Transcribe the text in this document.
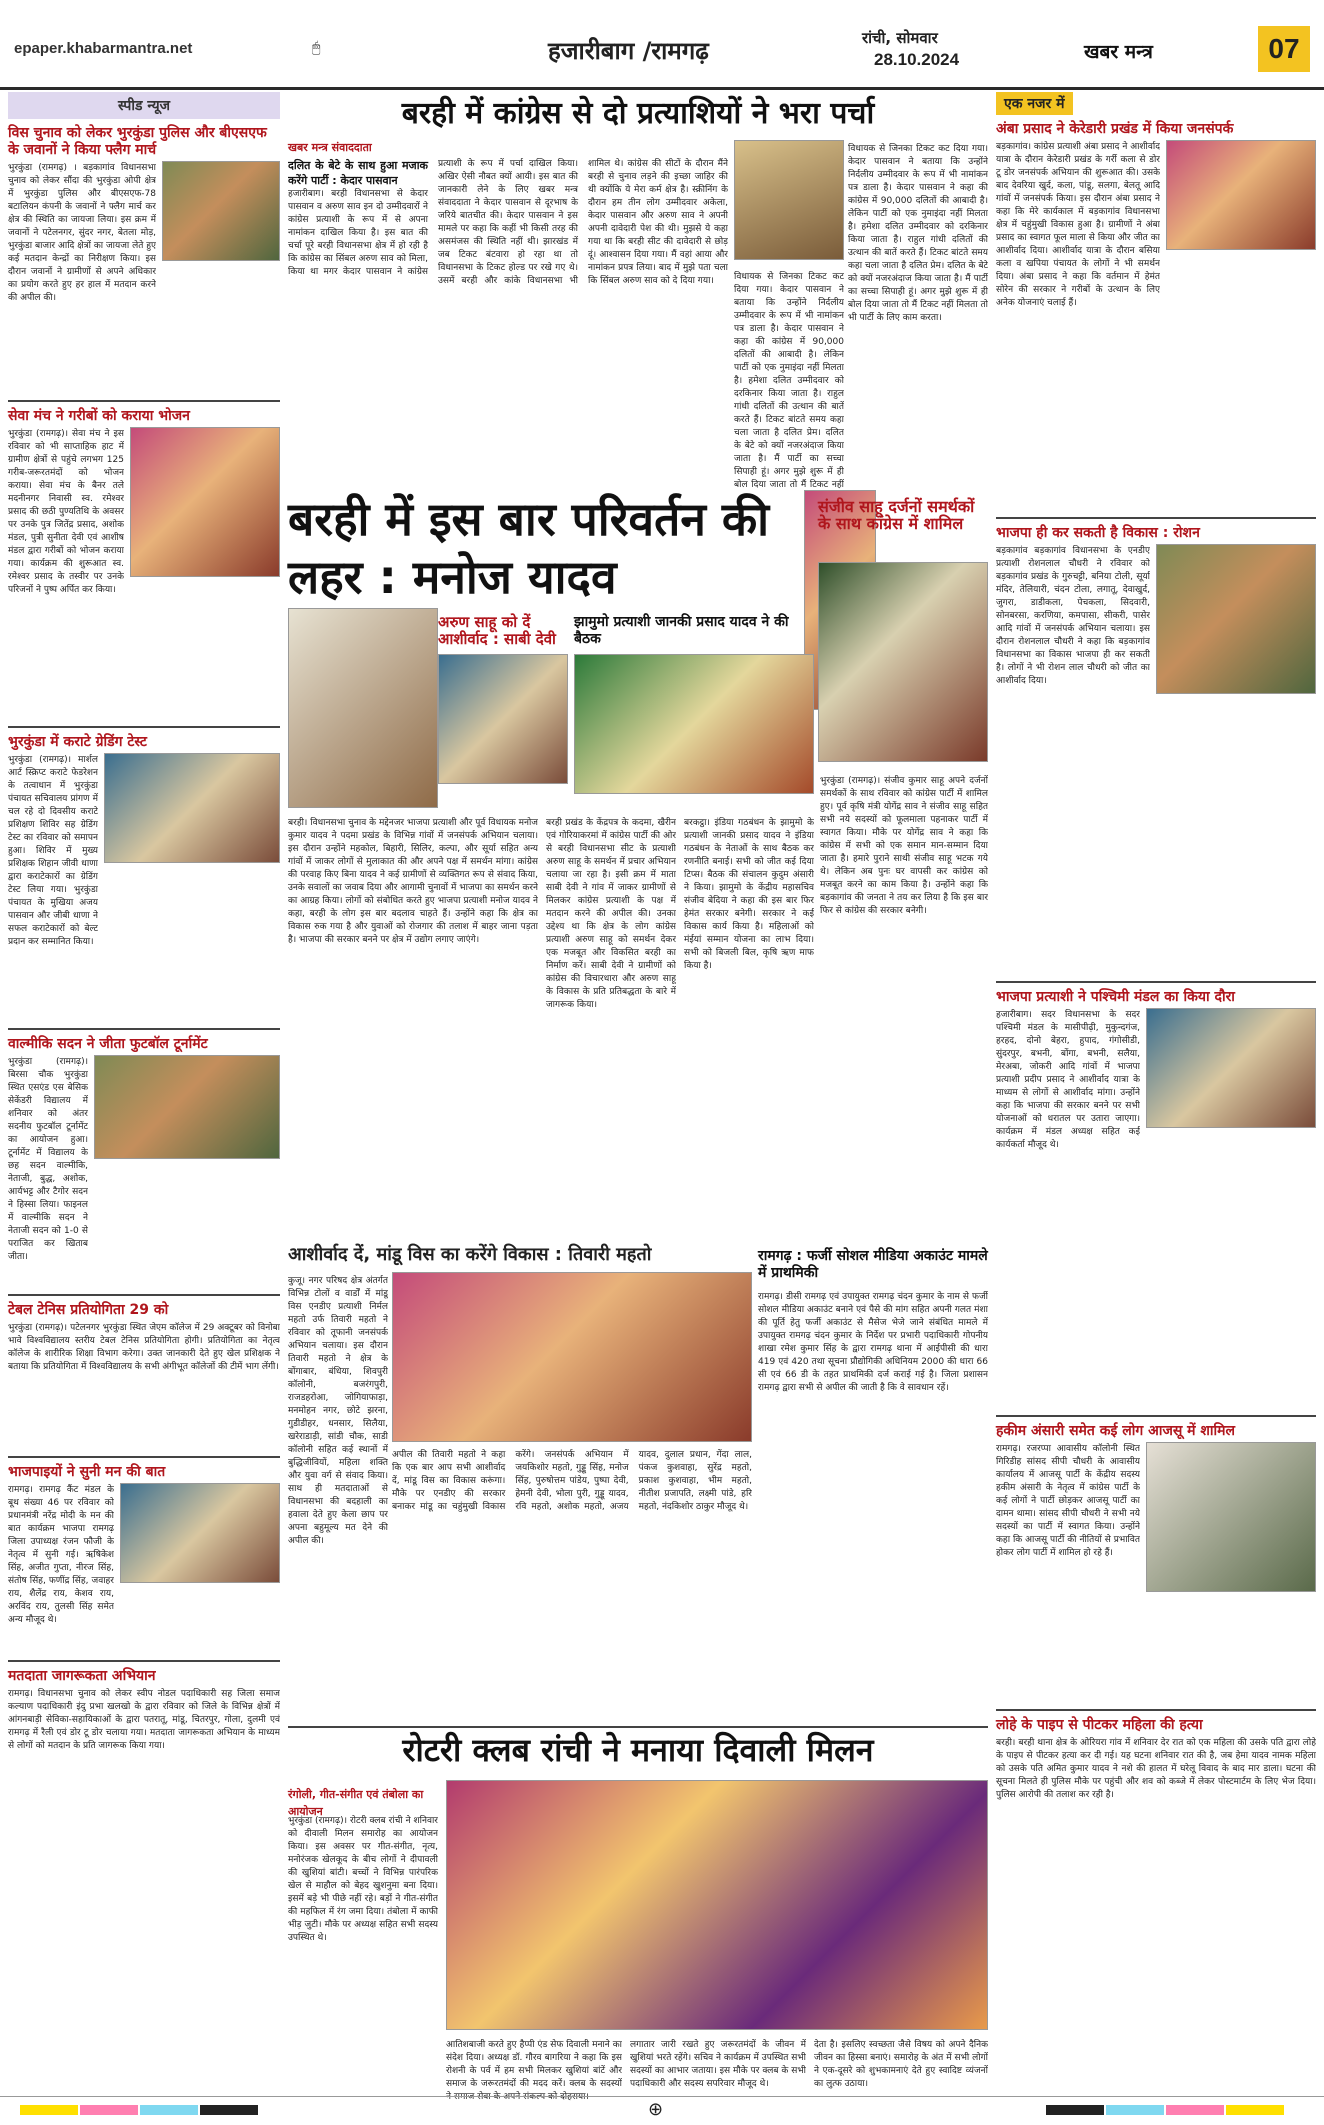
epaper.khabarmantra.net	🖱	हजारीबाग /रामगढ़	रांची, सोमवार
28.10.2024	खबर मन्त्र	07
स्पीड न्यूज
विस चुनाव को लेकर भुरकुंडा पुलिस और बीएसएफ के जवानों ने किया फ्लैग मार्च
भुरकुंडा (रामगढ़) । बड़कागांव विधानसभा चुनाव को लेकर सौंदा की भुरकुंडा ओपी क्षेत्र में भुरकुंडा पुलिस और बीएसएफ-78 बटालियन कंपनी के जवानों ने फ्लैग मार्च कर क्षेत्र की स्थिति का जायजा लिया। इस क्रम में जवानों ने पटेलनगर, सुंदर नगर, बेतला मोड़, भुरकुंडा बाजार आदि क्षेत्रों का जायजा लेते हुए कई मतदान केन्द्रों का निरीक्षण किया। इस दौरान जवानों ने ग्रामीणों से अपने अधिकार का प्रयोग करते हुए हर हाल में मतदान करने की अपील की।
सेवा मंच ने गरीबों को कराया भोजन
भुरकुंडा (रामगढ़)। सेवा मंच ने इस रविवार को भी साप्ताहिक हाट में ग्रामीण क्षेत्रों से पहुंचे लगभग 125 गरीब-जरूरतमंदों को भोजन कराया। सेवा मंच के बैनर तले मदनीनगर निवासी स्व. रमेश्वर प्रसाद की छठी पुण्यतिथि के अवसर पर उनके पुत्र जितेंद्र प्रसाद, अशोक मंडल, पुत्री सुनीता देवी एवं आशीष मंडल द्वारा गरीबों को भोजन कराया गया। कार्यक्रम की शुरूआत स्व. रमेश्वर प्रसाद के तस्वीर पर उनके परिजनों ने पुष्प अर्पित कर किया।
भुरकुंडा में कराटे ग्रेडिंग टेस्ट
भुरकुंडा (रामगढ़)। मार्शल आर्ट स्क्रिप्ट कराटे फेडरेशन के तत्वाधान में भुरकुंडा पंचायत सचिवालय प्रांगण में चल रहे दो दिवसीय कराटे प्रशिक्षण शिविर सह ग्रेडिंग टेस्ट का रविवार को समापन हुआ। शिविर में मुख्य प्रशिक्षक शिहान जीवी धाणा द्वारा कराटेकारों का ग्रेडिंग टेस्ट लिया गया। भुरकुंडा पंचायत के मुखिया अजय पासवान और जीबी धाणा ने सफल कराटेकारों को बेल्ट प्रदान कर सम्मानित किया।
वाल्मीकि सदन ने जीता फुटबॉल टूर्नामेंट
भुरकुंडा (रामगढ़)। बिरसा चौक भुरकुंडा स्थित एसएंड एस बेसिक सेकेंडरी विद्यालय में शनिवार को अंतर सदनीय फुटबॉल टूर्नामेंट का आयोजन हुआ। टूर्नामेंट में विद्यालय के छह सदन वाल्मीकि, नेताजी, बुद्ध, अशोक, आर्यभट्ट और टैगोर सदन ने हिस्सा लिया। फाइनल में वाल्मीकि सदन ने नेताजी सदन को 1-0 से पराजित कर खिताब जीता।
टेबल टेनिस प्रतियोगिता 29 को
भुरकुंडा (रामगढ़)। पटेलनगर भुरकुंडा स्थित जेएम कॉलेज में 29 अक्टूबर को विनोबा भावे विश्वविद्यालय स्तरीय टेबल टेनिस प्रतियोगिता होगी। प्रतियोगिता का नेतृत्व कॉलेज के शारीरिक शिक्षा विभाग करेगा। उक्त जानकारी देते हुए खेल प्रशिक्षक ने बताया कि प्रतियोगिता में विश्वविद्यालय के सभी अंगीभूत कॉलेजों की टीमें भाग लेंगी।
भाजपाइयों ने सुनी मन की बात
रामगढ़। रामगढ़ कैंट मंडल के बूथ संख्या 46 पर रविवार को प्रधानमंत्री नरेंद्र मोदी के मन की बात कार्यक्रम भाजपा रामगढ़ जिला उपाध्यक्ष रंजन फौजी के नेतृत्व में सुनी गई। ऋषिकेश सिंह, अजीत गुप्ता, नीरज सिंह, संतोष सिंह, फणींद्र सिंह, जवाहर राय, शैलेंद्र राय, केशव राय, अरविंद राय, तुलसी सिंह समेत अन्य मौजूद थे।
मतदाता जागरूकता अभियान
रामगढ़। विधानसभा चुनाव को लेकर स्वीप नोडल पदाधिकारी सह जिला समाज कल्याण पदाधिकारी इंदु प्रभा खलखो के द्वारा रविवार को जिले के विभिन्न क्षेत्रों में आंगनबाड़ी सेविका-सहायिकाओं के द्वारा पतरातू, मांडू, चितरपुर, गोला, दुलमी एवं रामगढ़ में रैली एवं डोर टू डोर चलाया गया। मतदाता जागरूकता अभियान के माध्यम से लोगों को मतदान के प्रति जागरूक किया गया।
बरही में कांग्रेस से दो प्रत्याशियों ने भरा पर्चा
खबर मन्त्र संवाददाता
दलित के बेटे के साथ हुआ मजाक करेंगे पार्टी : केदार पासवान
हजारीबाग। बरही विधानसभा से केदार पासवान व अरुण साव इन दो उम्मीदवारों ने कांग्रेस प्रत्याशी के रूप में से अपना नामांकन दाखिल किया है। इस बात की चर्चा पूरे बरही विधानसभा क्षेत्र में हो रही है कि कांग्रेस का सिंबल अरुण साव को मिला, किया था मगर केदार पासवान ने कांग्रेस प्रत्याशी के रूप में पर्चा दाखिल किया। अखिर ऐसी नौबत क्यों आयी। इस बात की जानकारी लेने के लिए खबर मन्त्र संवाददाता ने केदार पासवान से दूरभाष के जरिये बातचीत की। केदार पासवान ने इस मामले पर कहा कि कहीं भी किसी तरह की असमंजस की स्थिति नहीं थी। झारखंड में जब टिकट बंटवारा हो रहा था तो विधानसभा के टिकट होल्ड पर रखे गए थे। उसमें बरही और कांके विधानसभा भी शामिल थे। कांग्रेस की सीटों के दौरान मैंने बरही से चुनाव लड़ने की इच्छा जाहिर की थी क्योंकि ये मेरा कर्म क्षेत्र है। स्क्रीनिंग के दौरान हम तीन लोग उम्मीदवार अकेला, केदार पासवान और अरुण साव ने अपनी अपनी दावेदारी पेश की थी। मुझसे ये कहा गया था कि बरही सीट की दावेदारी से छोड़ दूं। आश्वासन दिया गया। मैं वहां आया और नामांकन प्रपत्र लिया। बाद में मुझे पता चला कि सिंबल अरुण साव को दे दिया गया।
विधायक से जिनका टिकट कट दिया गया। केदार पासवान ने बताया कि उन्होंने निर्दलीय उम्मीदवार के रूप में भी नामांकन पत्र डाला है। केदार पासवान ने कहा की कांग्रेस में 90,000 दलितों की आबादी है। लेकिन पार्टी को एक नुमाइंदा नहीं मिलता है। हमेशा दलित उम्मीदवार को दरकिनार किया जाता है। राहुल गांधी दलितों की उत्थान की बातें करते हैं। टिकट बांटते समय कहा चला जाता है दलित प्रेम। दलित के बेटे को क्यों नजरअंदाज किया जाता है। मैं पार्टी का सच्चा सिपाही हूं। अगर मुझे शुरू में ही बोल दिया जाता तो मैं टिकट नहीं मिलता तो भी पार्टी के लिए काम करता।
विधायक से जिनका टिकट कट दिया गया। केदार पासवान ने बताया कि उन्होंने निर्दलीय उम्मीदवार के रूप में भी नामांकन पत्र डाला है। केदार पासवान ने कहा की कांग्रेस में 90,000 दलितों की आबादी है। लेकिन पार्टी को एक नुमाइंदा नहीं मिलता है। हमेशा दलित उम्मीदवार को दरकिनार किया जाता है। राहुल गांधी दलितों की उत्थान की बातें करते हैं। टिकट बांटते समय कहा चला जाता है दलित प्रेम। दलित के बेटे को क्यों नजरअंदाज किया जाता है। मैं पार्टी का सच्चा सिपाही हूं। अगर मुझे शुरू में ही बोल दिया जाता तो मैं टिकट नहीं
बरही में इस बार परिवर्तन की लहर : मनोज यादव
संजीव साहू दर्जनों समर्थकों के साथ कांग्रेस में शामिल
अरुण साहू को दें आशीर्वाद : साबी देवी
झामुमो प्रत्याशी जानकी प्रसाद यादव ने की बैठक
बरही। विधानसभा चुनाव के मद्देनजर भाजपा प्रत्याशी और पूर्व विधायक मनोज कुमार यादव ने पदमा प्रखंड के विभिन्न गांवों में जनसंपर्क अभियान चलाया। इस दौरान उन्होंने महकोल, बिहारी, सिलिर, कल्पा, और सूर्या सहित अन्य गांवों में जाकर लोगों से मुलाकात की और अपने पक्ष में समर्थन मांगा। कांग्रेस की परवाह किए बिना यादव ने कई ग्रामीणों से व्यक्तिगत रूप से संवाद किया, उनके सवालों का जवाब दिया और आगामी चुनावों में भाजपा का समर्थन करने का आग्रह किया। लोगों को संबोधित करते हुए भाजपा प्रत्याशी मनोज यादव ने कहा, बरही के लोग इस बार बदलाव चाहते हैं। उन्होंने कहा कि क्षेत्र का विकास रुक गया है और युवाओं को रोजगार की तलाश में बाहर जाना पड़ता है। भाजपा की सरकार बनने पर क्षेत्र में उद्योग लगाए जाएंगे।
बरही प्रखंड के केंद्रपत्र के कदमा, खैरीन एवं गोरियाकरमां में कांग्रेस पार्टी की ओर से बरही विधानसभा सीट के प्रत्याशी अरुण साहू के समर्थन में प्रचार अभियान चलाया जा रहा है। इसी क्रम में माता साबी देवी ने गांव में जाकर ग्रामीणों से मिलकर कांग्रेस प्रत्याशी के पक्ष में मतदान करने की अपील की। उनका उद्देश्य था कि क्षेत्र के लोग कांग्रेस प्रत्याशी अरुण साहू को समर्थन देकर एक मजबूत और विकसित बरही का निर्माण करें। साबी देवी ने ग्रामीणों को कांग्रेस की विचारधारा और अरुण साहू के विकास के प्रति प्रतिबद्धता के बारे में जागरूक किया।
बरकट्ठा। इंडिया गठबंधन के झामुमो के प्रत्याशी जानकी प्रसाद यादव ने इंडिया गठबंधन के नेताओं के साथ बैठक कर रणनीति बनाई। सभी को जीत कई दिया टिप्स। बैठक की संचालन कुदुम अंसारी ने किया। झामुमो के केंद्रीय महासचिव संजीव बेदिया ने कहा की इस बार फिर हेमंत सरकार बनेगी। सरकार ने कई विकास कार्य किया है। महिलाओं को मंईयां सम्मान योजना का लाभ दिया। सभी को बिजली बिल, कृषि ऋण माफ किया है।
भुरकुंडा (रामगढ़)। संजीव कुमार साहू अपने दर्जनों समर्थकों के साथ रविवार को कांग्रेस पार्टी में शामिल हुए। पूर्व कृषि मंत्री योगेंद्र साव ने संजीव साहू सहित सभी नये सदस्यों को फूलमाला पहनाकर पार्टी में स्वागत किया। मौके पर योगेंद्र साव ने कहा कि कांग्रेस में सभी को एक समान मान-सम्मान दिया जाता है। हमारे पुराने साथी संजीव साहू भटक गये थे। लेकिन अब पुनः घर वापसी कर कांग्रेस को मजबूत करने का काम किया है। उन्होंने कहा कि बड़कागांव की जनता ने तय कर लिया है कि इस बार फिर से कांग्रेस की सरकार बनेगी।
आशीर्वाद दें, मांडू विस का करेंगे विकास : तिवारी महतो
कुजू। नगर परिषद क्षेत्र अंतर्गत विभिन्न टोलों व वार्डों में मांडू विस एनडीए प्रत्याशी निर्मल महतो उर्फ तिवारी महतो ने रविवार को तूफानी जनसंपर्क अभियान चलाया। इस दौरान तिवारी महतो ने क्षेत्र के बोंगाबार, बंधिया, शिवपुरी कॉलोनी, बजरंगपुरी, राजडहरोआ, जोगियाफाड़ा, मनमोहन नगर, छोटे झरना, गुडीडीहर, धनसार, सिलैया, खरेराडाड़ी, सांडी चौक, साडी कॉलोनी सहित कई स्थानों में बुद्धिजीवियों, महिला शक्ति और युवा वर्ग से संवाद किया। साथ ही मतदाताओं से विधानसभा की बदहाली का हवाला देते हुए केला छाप पर अपना बहुमूल्य मत देने की अपील की।
अपील की तिवारी महतो ने कहा कि एक बार आप सभी आशीर्वाद दें, मांडू विस का विकास करूंगा। मौके पर एनडीए की सरकार बनाकर मांडू का चहुंमुखी विकास करेंगे। जनसंपर्क अभियान में जयकिशोर महतो, गुड्डू सिंह, मनोज सिंह, पुरुषोत्तम पांडेय, पुष्पा देवी, हेमनी देवी, भोला पुरी, गुड्डू यादव, रवि महतो, अशोक महतो, अजय यादव, दुलाल प्रधान, गेंदा लाल, पंकज कुशवाहा, सुरेंद्र महतो, प्रकाश कुशवाहा, भीम महतो, नीतीश प्रजापति, लक्ष्मी पांडे, हरि महतो, नंदकिशोर ठाकुर मौजूद थे।
रामगढ़ : फर्जी सोशल मीडिया अकाउंट मामले में प्राथमिकी
रामगढ़। डीसी रामगढ़ एवं उपायुक्त रामगढ़ चंदन कुमार के नाम से फर्जी सोशल मीडिया अकाउंट बनाने एवं पैसे की मांग सहित अपनी गलत मंशा की पूर्ति हेतु फर्जी अकाउंट से मैसेज भेजे जाने संबंधित मामले में उपायुक्त रामगढ़ चंदन कुमार के निर्देश पर प्रभारी पदाधिकारी गोपनीय शाखा रमेश कुमार सिंह के द्वारा रामगढ़ थाना में आईपीसी की धारा 419 एवं 420 तथा सूचना प्रौद्योगिकी अधिनियम 2000 की धारा 66 सी एवं 66 डी के तहत प्राथमिकी दर्ज कराई गई है। जिला प्रशासन रामगढ़ द्वारा सभी से अपील की जाती है कि वे सावधान रहें।
रोटरी क्लब रांची ने मनाया दिवाली मिलन
रंगोली, गीत-संगीत एवं तंबोला का आयोजन
भुरकुंडा (रामगढ़)। रोटरी क्लब रांची ने शनिवार को दीवाली मिलन समारोह का आयोजन किया। इस अवसर पर गीत-संगीत, नृत्य, मनोरंजक खेलकूद के बीच लोगों ने दीपावली की खुशियां बांटी। बच्चों ने विभिन्न पारंपरिक खेल से माहौल को बेहद खुशनुमा बना दिया। इसमें बड़े भी पीछे नहीं रहे। बड़ों ने गीत-संगीत की महफिल में रंग जमा दिया। तंबोला में काफी भीड़ जुटी। मौके पर अध्यक्ष सहित सभी सदस्य उपस्थित थे।
आतिशबाजी करते हुए हैप्पी एंड सेफ दिवाली मनाने का संदेश दिया। अध्यक्ष डॉ. गौरव बागरिया ने कहा कि इस रोशनी के पर्व में हम सभी मिलकर खुशियां बांटें और समाज के जरूरतमंदों की मदद करें। क्लब के सदस्यों ने समाज सेवा के अपने संकल्प को दोहराया।
लगातार जारी रखते हुए जरूरतमंदों के जीवन में खुशियां भरते रहेंगे। सचिव ने कार्यक्रम में उपस्थित सभी सदस्यों का आभार जताया। इस मौके पर क्लब के सभी पदाधिकारी और सदस्य सपरिवार मौजूद थे।
देता है। इसलिए स्वच्छता जैसे विषय को अपने दैनिक जीवन का हिस्सा बनाएं। समारोह के अंत में सभी लोगों ने एक-दूसरे को शुभकामनाएं देते हुए स्वादिष्ट व्यंजनों का लुत्फ उठाया।
एक नजर में
अंबा प्रसाद ने केरेडारी प्रखंड में किया जनसंपर्क
बड़कागांव। कांग्रेस प्रत्याशी अंबा प्रसाद ने आशीर्वाद यात्रा के दौरान केरेडारी प्रखंड के गर्री कला से डोर टू डोर जनसंपर्क अभियान की शुरूआत की। उसके बाद देवरिया खुर्द, कला, पांडू, सलगा, बेलतू आदि गांवों में जनसंपर्क किया। इस दौरान अंबा प्रसाद ने कहा कि मेरे कार्यकाल में बड़कागांव विधानसभा क्षेत्र में चहुंमुखी विकास हुआ है। ग्रामीणों ने अंबा प्रसाद का स्वागत फूल माला से किया और जीत का आशीर्वाद दिया। आशीर्वाद यात्रा के दौरान बसिया कला व खपिया पंचायत के लोगों ने भी समर्थन दिया। अंबा प्रसाद ने कहा कि वर्तमान में हेमंत सोरेन की सरकार ने गरीबों के उत्थान के लिए अनेक योजनाएं चलाई हैं।
भाजपा ही कर सकती है विकास : रोशन
बड़कागांव बड़कागांव विधानसभा के एनडीए प्रत्याशी रोशनलाल चौधरी ने रविवार को बड़कागांव प्रखंड के गुरुचट्टी, बनिया टोली, सूर्या मंदिर, तेलियारी, चंदन टोला, लगातू, देवाखुर्द, जुगरा, डाडीकला, पेचकला, सिदवारी, सोनबरसा, करणिया, कमपासा, सीकरी, पासेर आदि गांवों में जनसंपर्क अभियान चलाया। इस दौरान रोशनलाल चौधरी ने कहा कि बड़कागांव विधानसभा का विकास भाजपा ही कर सकती है। लोगों ने भी रोशन लाल चौधरी को जीत का आशीर्वाद दिया।
भाजपा प्रत्याशी ने पश्चिमी मंडल का किया दौरा
हजारीबाग। सदर विधानसभा के सदर पश्चिमी मंडल के मासीपीढ़ी, मुकुन्दगंज, हरहद, दोनो बेहरा, हुपाद, गंगोसीडी, सुंदरपुर, बभनी, बोंगा, बभनी, सलैया, मेरअबा, जोकरी आदि गांवों में भाजपा प्रत्याशी प्रदीप प्रसाद ने आशीर्वाद यात्रा के माध्यम से लोगों से आशीर्वाद मांगा। उन्होंने कहा कि भाजपा की सरकार बनने पर सभी योजनाओं को धरातल पर उतारा जाएगा। कार्यक्रम में मंडल अध्यक्ष सहित कई कार्यकर्ता मौजूद थे।
हकीम अंसारी समेत कई लोग आजसू में शामिल
रामगढ़। रजरप्पा आवासीय कॉलोनी स्थित गिरिडीह सांसद सीपी चौधरी के आवासीय कार्यालय में आजसू पार्टी के केंद्रीय सदस्य हकीम अंसारी के नेतृत्व में कांग्रेस पार्टी के कई लोगों ने पार्टी छोड़कर आजसू पार्टी का दामन थामा। सांसद सीपी चौधरी ने सभी नये सदस्यों का पार्टी में स्वागत किया। उन्होंने कहा कि आजसू पार्टी की नीतियों से प्रभावित होकर लोग पार्टी में शामिल हो रहे हैं।
लोहे के पाइप से पीटकर महिला की हत्या
बरही। बरही थाना क्षेत्र के ओरियरा गांव में शनिवार देर रात को एक महिला की उसके पति द्वारा लोहे के पाइप से पीटकर हत्या कर दी गई। यह घटना शनिवार रात की है, जब हेमा यादव नामक महिला को उसके पति अमित कुमार यादव ने नशे की हालत में घरेलू विवाद के बाद मार डाला। घटना की सूचना मिलते ही पुलिस मौके पर पहुंची और शव को कब्जे में लेकर पोस्टमार्टम के लिए भेज दिया। पुलिस आरोपी की तलाश कर रही है।
⊕
